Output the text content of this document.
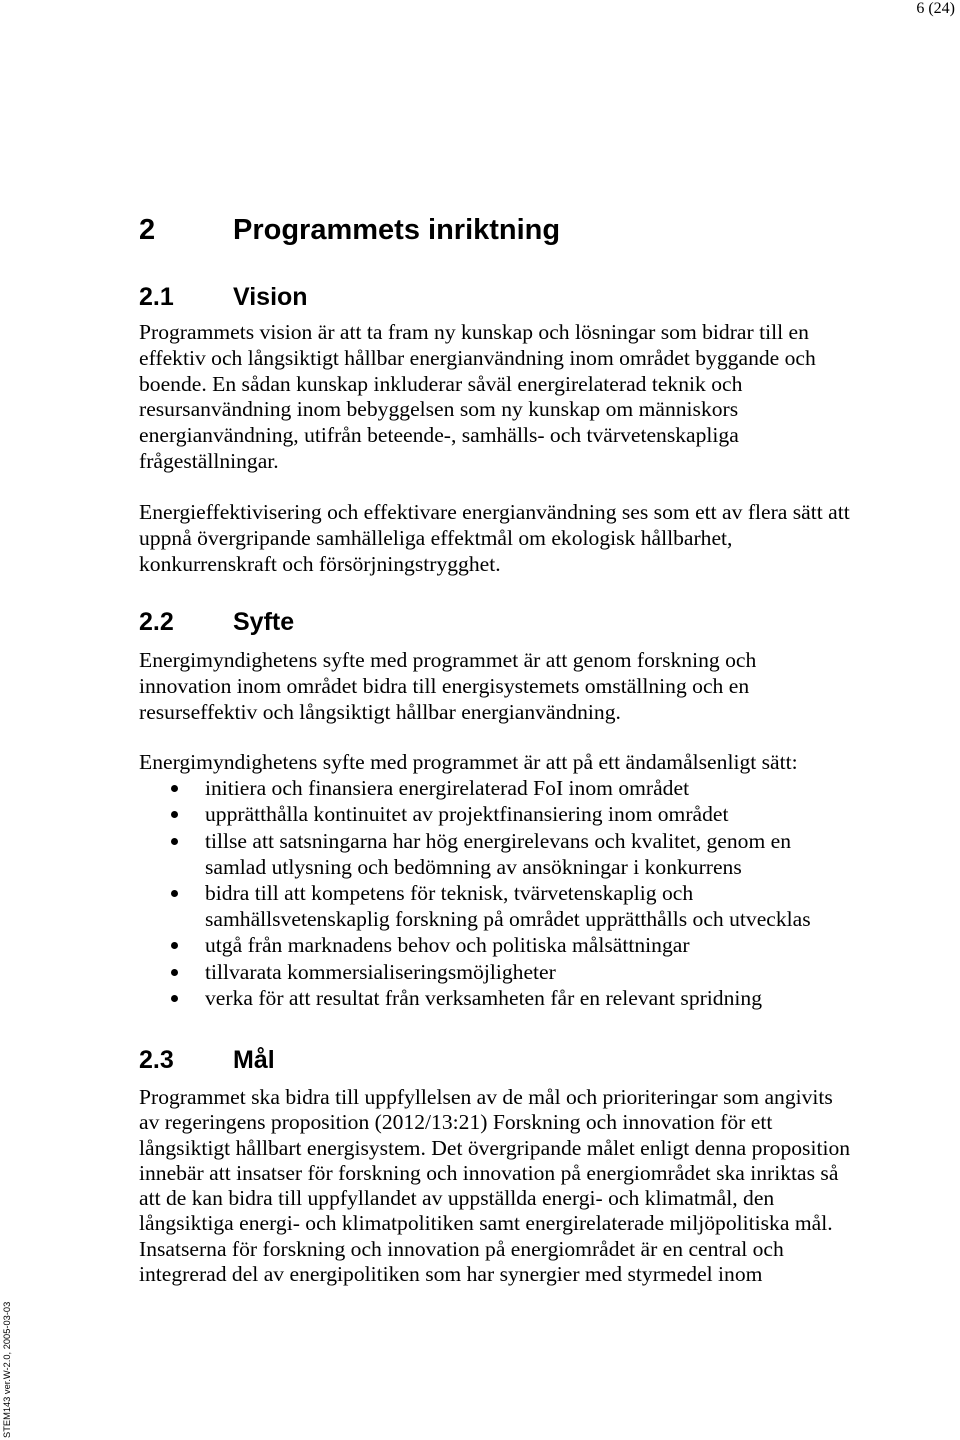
6 (24)
2	Programmets inriktning
2.1 Vision
Programmets vision är att ta fram ny kunskap och lösningar som bidrar till en
effektiv och långsiktigt hållbar energianvändning inom området byggande och
boende. En sådan kunskap inkluderar såväl energirelaterad teknik och
resursanvändning inom bebyggelsen som ny kunskap om människors
energianvändning, utifrån beteende-, samhälls- och tvärvetenskapliga
frågeställningar.
Energieffektivisering och effektivare energianvändning ses som ett av flera sätt att
uppnå övergripande samhälleliga effektmål om ekologisk hållbarhet,
konkurrenskraft och försörjningstrygghet.
2.2 Syfte
Energimyndighetens syfte med programmet är att genom forskning och
innovation inom området bidra till energisystemets omställning och en
resurseffektiv och långsiktigt hållbar energianvändning.
Energimyndighetens syfte med programmet är att på ett ändamålsenligt sätt:
initiera och finansiera energirelaterad FoI inom området
upprätthålla kontinuitet av projektfinansiering inom området
tillse att satsningarna har hög energirelevans och kvalitet, genom en
samlad utlysning och bedömning av ansökningar i konkurrens
bidra till att kompetens för teknisk, tvärvetenskaplig och
samhällsvetenskaplig forskning på området upprätthålls och utvecklas
utgå från marknadens behov och politiska målsättningar
tillvarata kommersialiseringsmöjligheter
verka för att resultat från verksamheten får en relevant spridning
2.3 Mål
Programmet ska bidra till uppfyllelsen av de mål och prioriteringar som angivits
av regeringens proposition (2012/13:21) Forskning och innovation för ett
långsiktigt hållbart energisystem. Det övergripande målet enligt denna proposition
innebär att insatser för forskning och innovation på energiområdet ska inriktas så
att de kan bidra till uppfyllandet av uppställda energi- och klimatmål, den
långsiktiga energi- och klimatpolitiken samt energirelaterade miljöpolitiska mål.
Insatserna för forskning och innovation på energiområdet är en central och
integrerad del av energipolitiken som har synergier med styrmedel inom
STEM143 ver.W-2.0, 2005-03-03
